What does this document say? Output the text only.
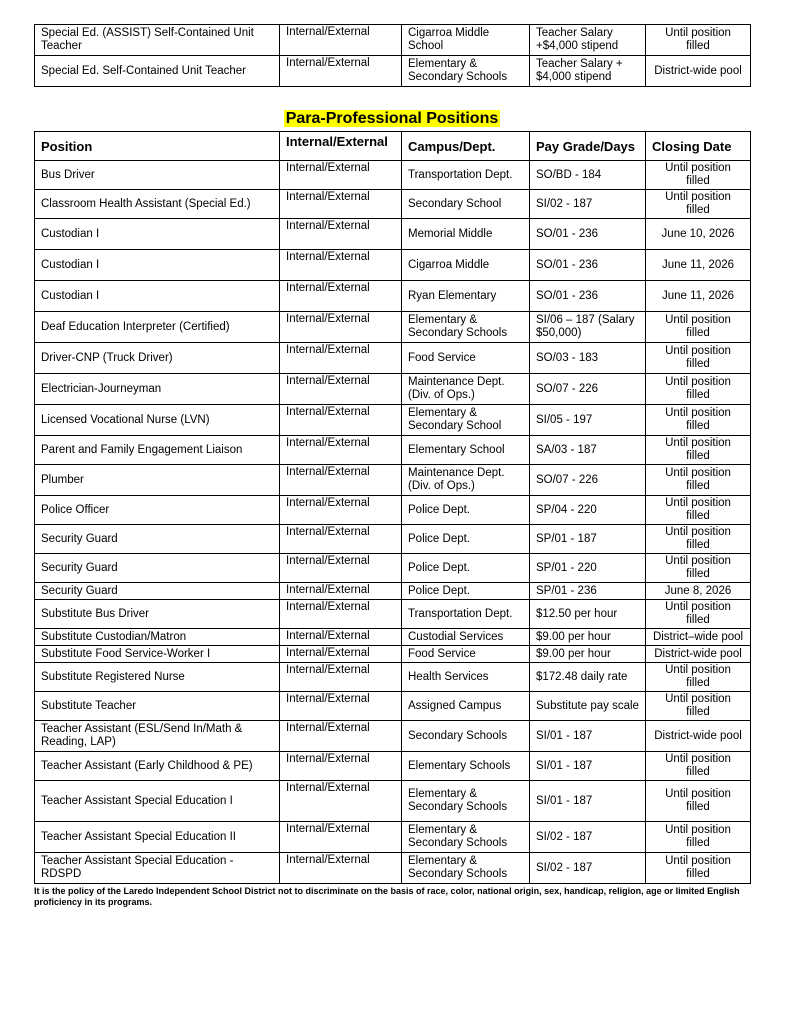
Special Ed. (ASSIST) Self-Contained Unit Teacher	Internal/External	Cigarroa Middle School	Teacher Salary +$4,000 stipend	Until position filled
Special Ed. Self-Contained Unit Teacher	Internal/External	Elementary & Secondary Schools	Teacher Salary + $4,000 stipend	District-wide pool
Para-Professional Positions
Position	Internal/External	Campus/Dept.	Pay Grade/Days	Closing Date
Bus Driver	Internal/External	Transportation Dept.	SO/BD - 184	Until position filled
Classroom Health Assistant (Special Ed.)	Internal/External	Secondary School	SI/02 - 187	Until position filled
Custodian I	Internal/External	Memorial Middle	SO/01 - 236	June 10, 2026
Custodian I	Internal/External	Cigarroa Middle	SO/01 - 236	June 11, 2026
Custodian I	Internal/External	Ryan Elementary	SO/01 - 236	June 11, 2026
Deaf Education Interpreter (Certified)	Internal/External	Elementary & Secondary Schools	SI/06 – 187 (Salary $50,000)	Until position filled
Driver-CNP (Truck Driver)	Internal/External	Food Service	SO/03 - 183	Until position filled
Electrician-Journeyman	Internal/External	Maintenance Dept. (Div. of Ops.)	SO/07 - 226	Until position filled
Licensed Vocational Nurse (LVN)	Internal/External	Elementary & Secondary School	SI/05 - 197	Until position filled
Parent and Family Engagement Liaison	Internal/External	Elementary School	SA/03 - 187	Until position filled
Plumber	Internal/External	Maintenance Dept. (Div. of Ops.)	SO/07 - 226	Until position filled
Police Officer	Internal/External	Police Dept.	SP/04 - 220	Until position filled
Security Guard	Internal/External	Police Dept.	SP/01 - 187	Until position filled
Security Guard	Internal/External	Police Dept.	SP/01 - 220	Until position filled
Security Guard	Internal/External	Police Dept.	SP/01 - 236	June 8, 2026
Substitute Bus Driver	Internal/External	Transportation Dept.	$12.50 per hour	Until position filled
Substitute Custodian/Matron	Internal/External	Custodial Services	$9.00 per hour	District–wide pool
Substitute Food Service-Worker I	Internal/External	Food Service	$9.00 per hour	District-wide pool
Substitute Registered Nurse	Internal/External	Health Services	$172.48 daily rate	Until position filled
Substitute Teacher	Internal/External	Assigned Campus	Substitute pay scale	Until position filled
Teacher Assistant (ESL/Send In/Math & Reading, LAP)	Internal/External	Secondary Schools	SI/01 - 187	District-wide pool
Teacher Assistant (Early Childhood & PE)	Internal/External	Elementary Schools	SI/01 - 187	Until position filled
Teacher Assistant Special Education I	Internal/External	Elementary & Secondary Schools	SI/01 - 187	Until position filled
Teacher Assistant Special Education II	Internal/External	Elementary & Secondary Schools	SI/02 - 187	Until position filled
Teacher Assistant Special Education - RDSPD	Internal/External	Elementary & Secondary Schools	SI/02 - 187	Until position filled
It is the policy of the Laredo Independent School District not to discriminate on the basis of race, color, national origin, sex, handicap, religion, age or limited English proficiency in its programs.
